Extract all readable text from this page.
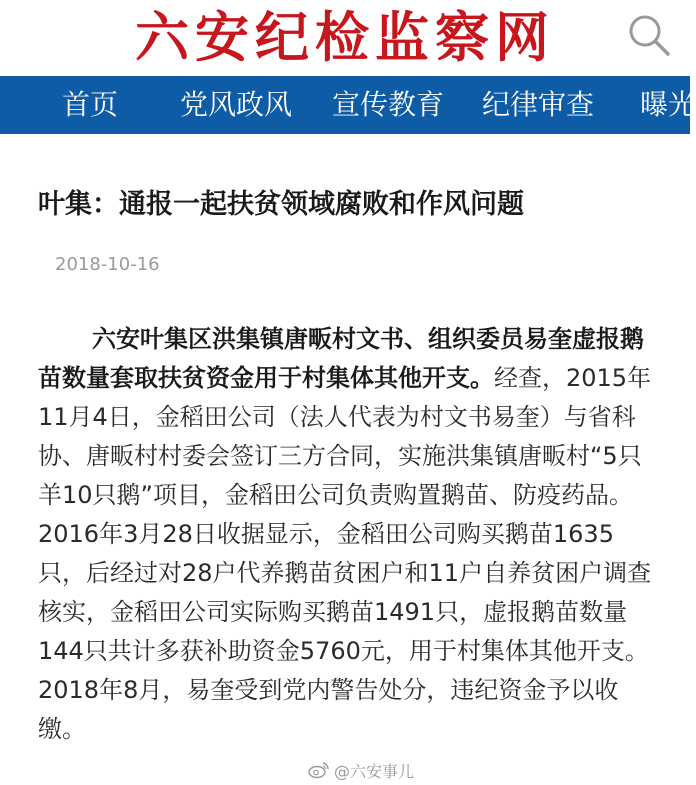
六安纪检监察网
首页 党风政风 宣传教育 纪律审查 曝光
叶集：通报一起扶贫领域腐败和作风问题
2018-10-16

六安叶集区洪集镇唐畈村文书、组织委员易奎虚报鹅苗数量套取扶贫资金用于村集体其他开支。经查，2015年11月4日，金稻田公司（法人代表为村文书易奎）与省科协、唐畈村村委会签订三方合同，实施洪集镇唐畈村“5只羊10只鹅”项目，金稻田公司负责购置鹅苗、防疫药品。2016年3月28日收据显示，金稻田公司购买鹅苗1635只，后经过对28户代养鹅苗贫困户和11户自养贫困户调查核实，金稻田公司实际购买鹅苗1491只，虚报鹅苗数量144只共计多获补助资金5760元，用于村集体其他开支。2018年8月，易奎受到党内警告处分，违纪资金予以收缴。

@六安事儿
